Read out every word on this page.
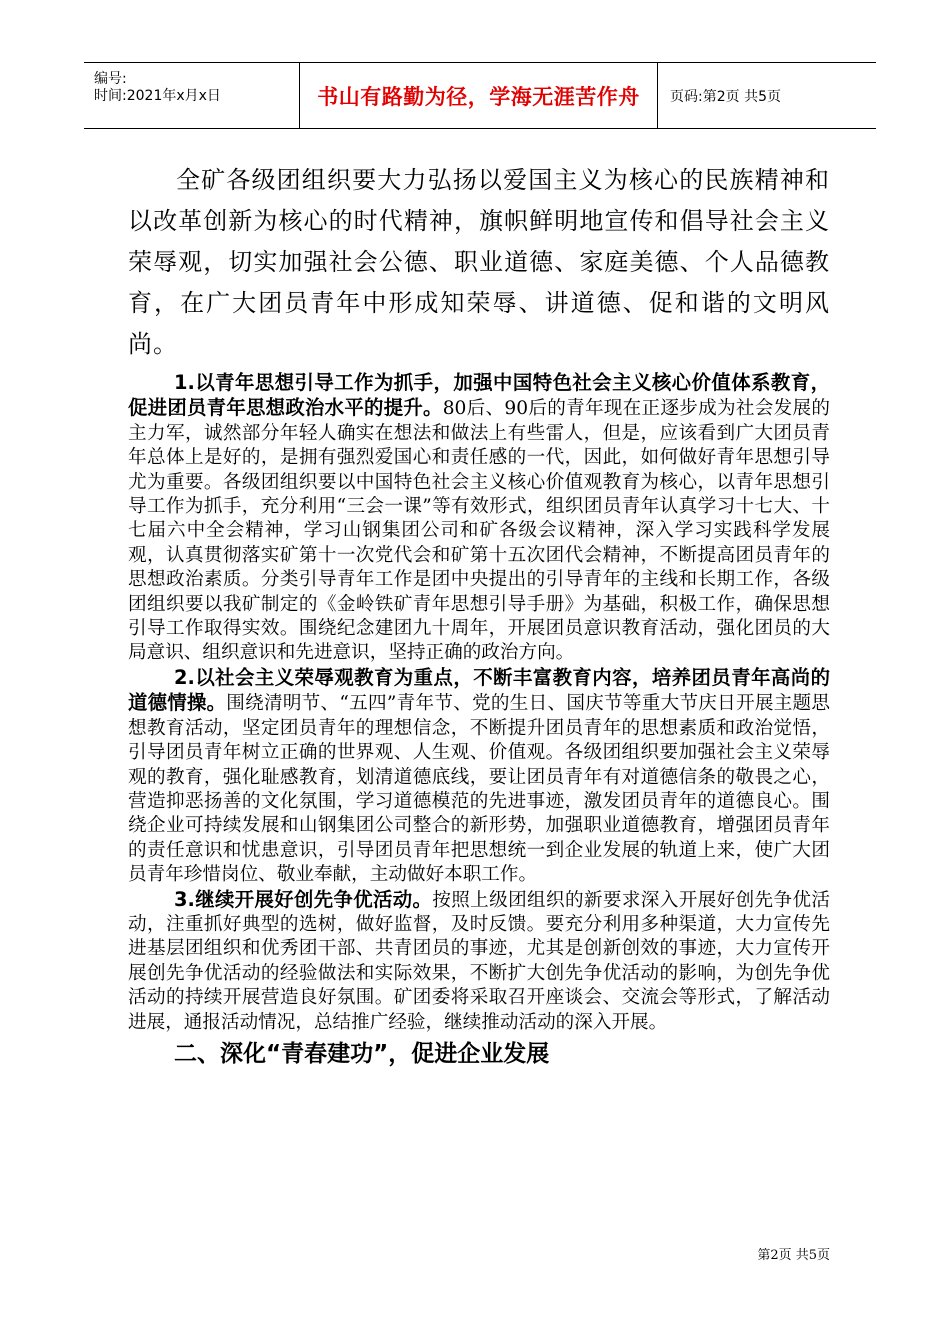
编号:
时间:2021年x月x日	书山有路勤为径，学海无涯苦作舟	页码:第2页 共5页

全矿各级团组织要大力弘扬以爱国主义为核心的民族精神和以改革创新为核心的时代精神，旗帜鲜明地宣传和倡导社会主义荣辱观，切实加强社会公德、职业道德、家庭美德、个人品德教育，在广大团员青年中形成知荣辱、讲道德、促和谐的文明风尚。

1.以青年思想引导工作为抓手，加强中国特色社会主义核心价值体系教育，促进团员青年思想政治水平的提升。80后、90后的青年现在正逐步成为社会发展的主力军，诚然部分年轻人确实在想法和做法上有些雷人，但是，应该看到广大团员青年总体上是好的，是拥有强烈爱国心和责任感的一代，因此，如何做好青年思想引导尤为重要。各级团组织要以中国特色社会主义核心价值观教育为核心，以青年思想引导工作为抓手，充分利用“三会一课”等有效形式，组织团员青年认真学习十七大、十七届六中全会精神，学习山钢集团公司和矿各级会议精神，深入学习实践科学发展观，认真贯彻落实矿第十一次党代会和矿第十五次团代会精神，不断提高团员青年的思想政治素质。分类引导青年工作是团中央提出的引导青年的主线和长期工作，各级团组织要以我矿制定的《金岭铁矿青年思想引导手册》为基础，积极工作，确保思想引导工作取得实效。围绕纪念建团九十周年，开展团员意识教育活动，强化团员的大局意识、组织意识和先进意识，坚持正确的政治方向。

2.以社会主义荣辱观教育为重点，不断丰富教育内容，培养团员青年高尚的道德情操。围绕清明节、“五四”青年节、党的生日、国庆节等重大节庆日开展主题思想教育活动，坚定团员青年的理想信念，不断提升团员青年的思想素质和政治觉悟，引导团员青年树立正确的世界观、人生观、价值观。各级团组织要加强社会主义荣辱观的教育，强化耻感教育，划清道德底线，要让团员青年有对道德信条的敬畏之心，营造抑恶扬善的文化氛围，学习道德模范的先进事迹，激发团员青年的道德良心。围绕企业可持续发展和山钢集团公司整合的新形势，加强职业道德教育，增强团员青年的责任意识和忧患意识，引导团员青年把思想统一到企业发展的轨道上来，使广大团员青年珍惜岗位、敬业奉献，主动做好本职工作。

3.继续开展好创先争优活动。按照上级团组织的新要求深入开展好创先争优活动，注重抓好典型的选树，做好监督，及时反馈。要充分利用多种渠道，大力宣传先进基层团组织和优秀团干部、共青团员的事迹，尤其是创新创效的事迹，大力宣传开展创先争优活动的经验做法和实际效果，不断扩大创先争优活动的影响，为创先争优活动的持续开展营造良好氛围。矿团委将采取召开座谈会、交流会等形式，了解活动进展，通报活动情况，总结推广经验，继续推动活动的深入开展。

二、深化“青春建功”，促进企业发展
第2页 共5页
